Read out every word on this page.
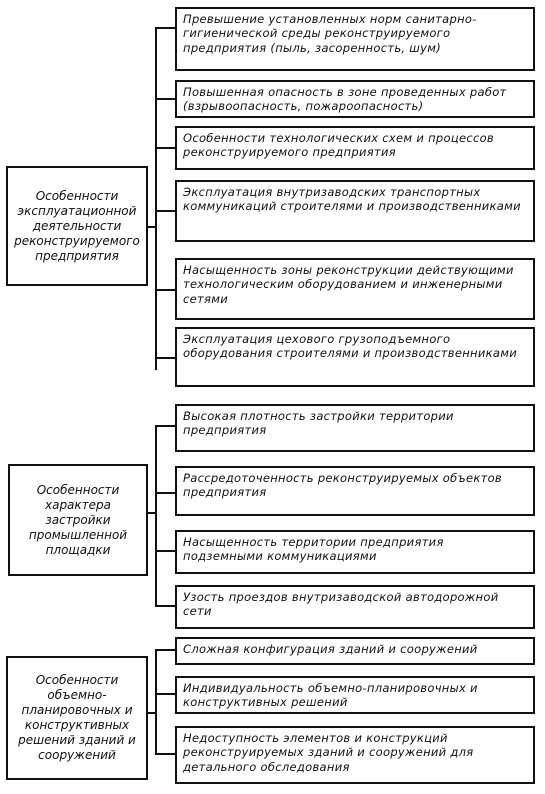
Особенности эксплуатационной деятельности реконструируемого предприятия
Превышение установленных норм санитарно-гигиенической среды реконструируемого предприятия (пыль, засоренность, шум)
Повышенная опасность в зоне проведенных работ (взрывоопасность, пожароопасность)
Особенности технологических схем и процессов реконструируемого предприятия
Эксплуатация внутризаводских транспортных коммуникаций строителями и производственниками
Насыщенность зоны реконструкции действующими технологическим оборудованием и инженерными сетями
Эксплуатация цехового грузоподъемного оборудования строителями и производственниками
Особенности характера застройки промышленной площадки
Высокая плотность застройки территории предприятия
Рассредоточенность реконструируемых объектов предприятия
Насыщенность территории предприятия подземными коммуникациями
Узость проездов внутризаводской автодорожной сети
Особенности объемно-планировочных и конструктивных решений зданий и сооружений
Сложная конфигурация зданий и сооружений
Индивидуальность объемно-планировочных и конструктивных решений
Недоступность элементов и конструкций реконструируемых зданий и сооружений для детального обследования
